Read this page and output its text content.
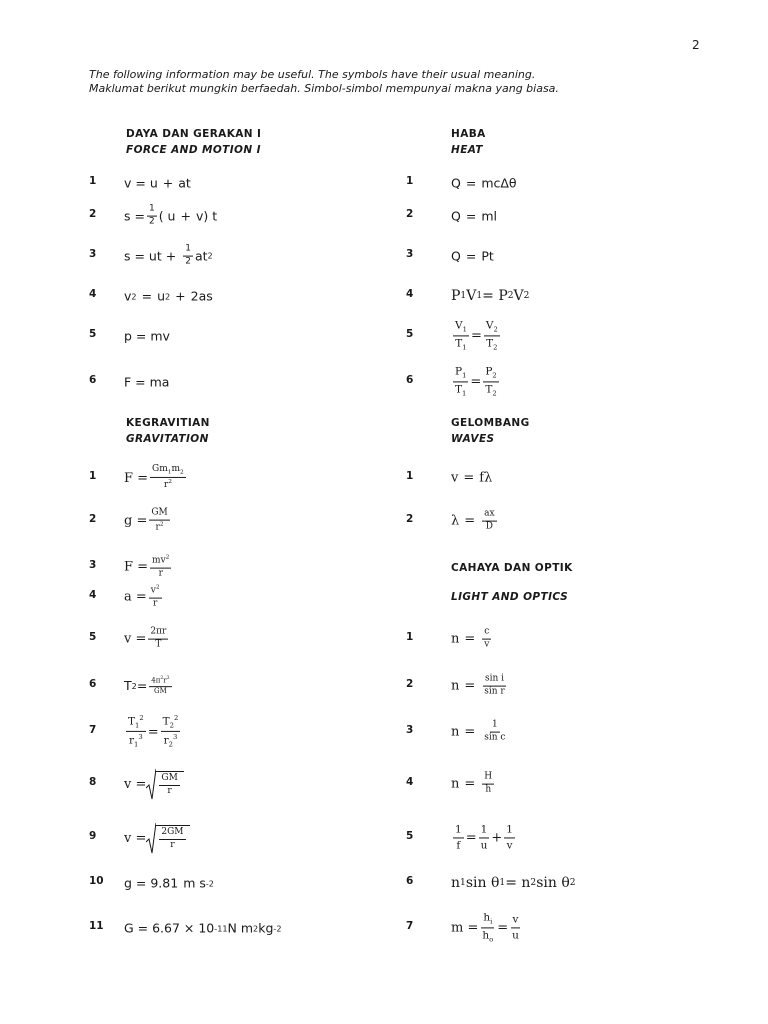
2
The following information may be useful. The symbols have their usual meaning.
Maklumat berikut mungkin berfaedah. Simbol-simbol mempunyai makna yang biasa.
DAYA DAN GERAKAN I
FORCE AND MOTION I
1 v = u
+
at
2 $s = \frac{1}{2}$ ( u
+
v) t
3 s = ut + $\frac{1}{2}$ at 2
4 v 2 =
u 2 +
2as
5 p = mv
6 F = ma
KEGRAVITIAN
GRAVITATION
1 $F = \frac{Gm_1m_2}{r^2}$
2 $g = \frac{GM}{r^2}$
3 $F = \frac{mv^2}{r}$
4 $a = \frac{v^2}{r}$
5 $v = \frac{2\pi r}{T}$
6 T $2 = \frac{4\pi^2r^3}{GM}$
7	$\frac{T_1^2}{r_1^3} = \frac{T_2^2}{r_2^3}$
8 $v = \frac{GM}{r}$
9 $v = \frac{2GM}{r}$
10 g = 9.81
m s -2
11 G = 6.67 × 10 -11 N m 2 kg -2
HABA
HEAT
1	Q
=
mcΔθ
2	Q
=
ml
3	Q
=
Pt
4	P 1 V 1 = P 2 V 2
5	$\frac{V_1}{T_1} = \frac{V_2}{T_2}$
6	$\frac{P_1}{T_1} = \frac{P_2}{T_2}$
GELOMBANG
WAVES
1	v
=
fλ
2	λ
= $\frac{ax}{D}$
CAHAYA DAN OPTIK
LIGHT AND OPTICS
1	n
= $\frac{c}{v}$
2	n
= $\frac{\text{sin i}}{\text{sin r}}$
3	n
= $\frac{1}{\text{sin c}}$
4	n
= $\frac{H}{h}$
5	$\frac{1}{f} = \frac{1}{u} + \frac{1}{v}$
6	n 1 sin θ 1 = n 2 sin θ 2
7	$m = \frac{h_i}{h_o} = \frac{v}{u}$
